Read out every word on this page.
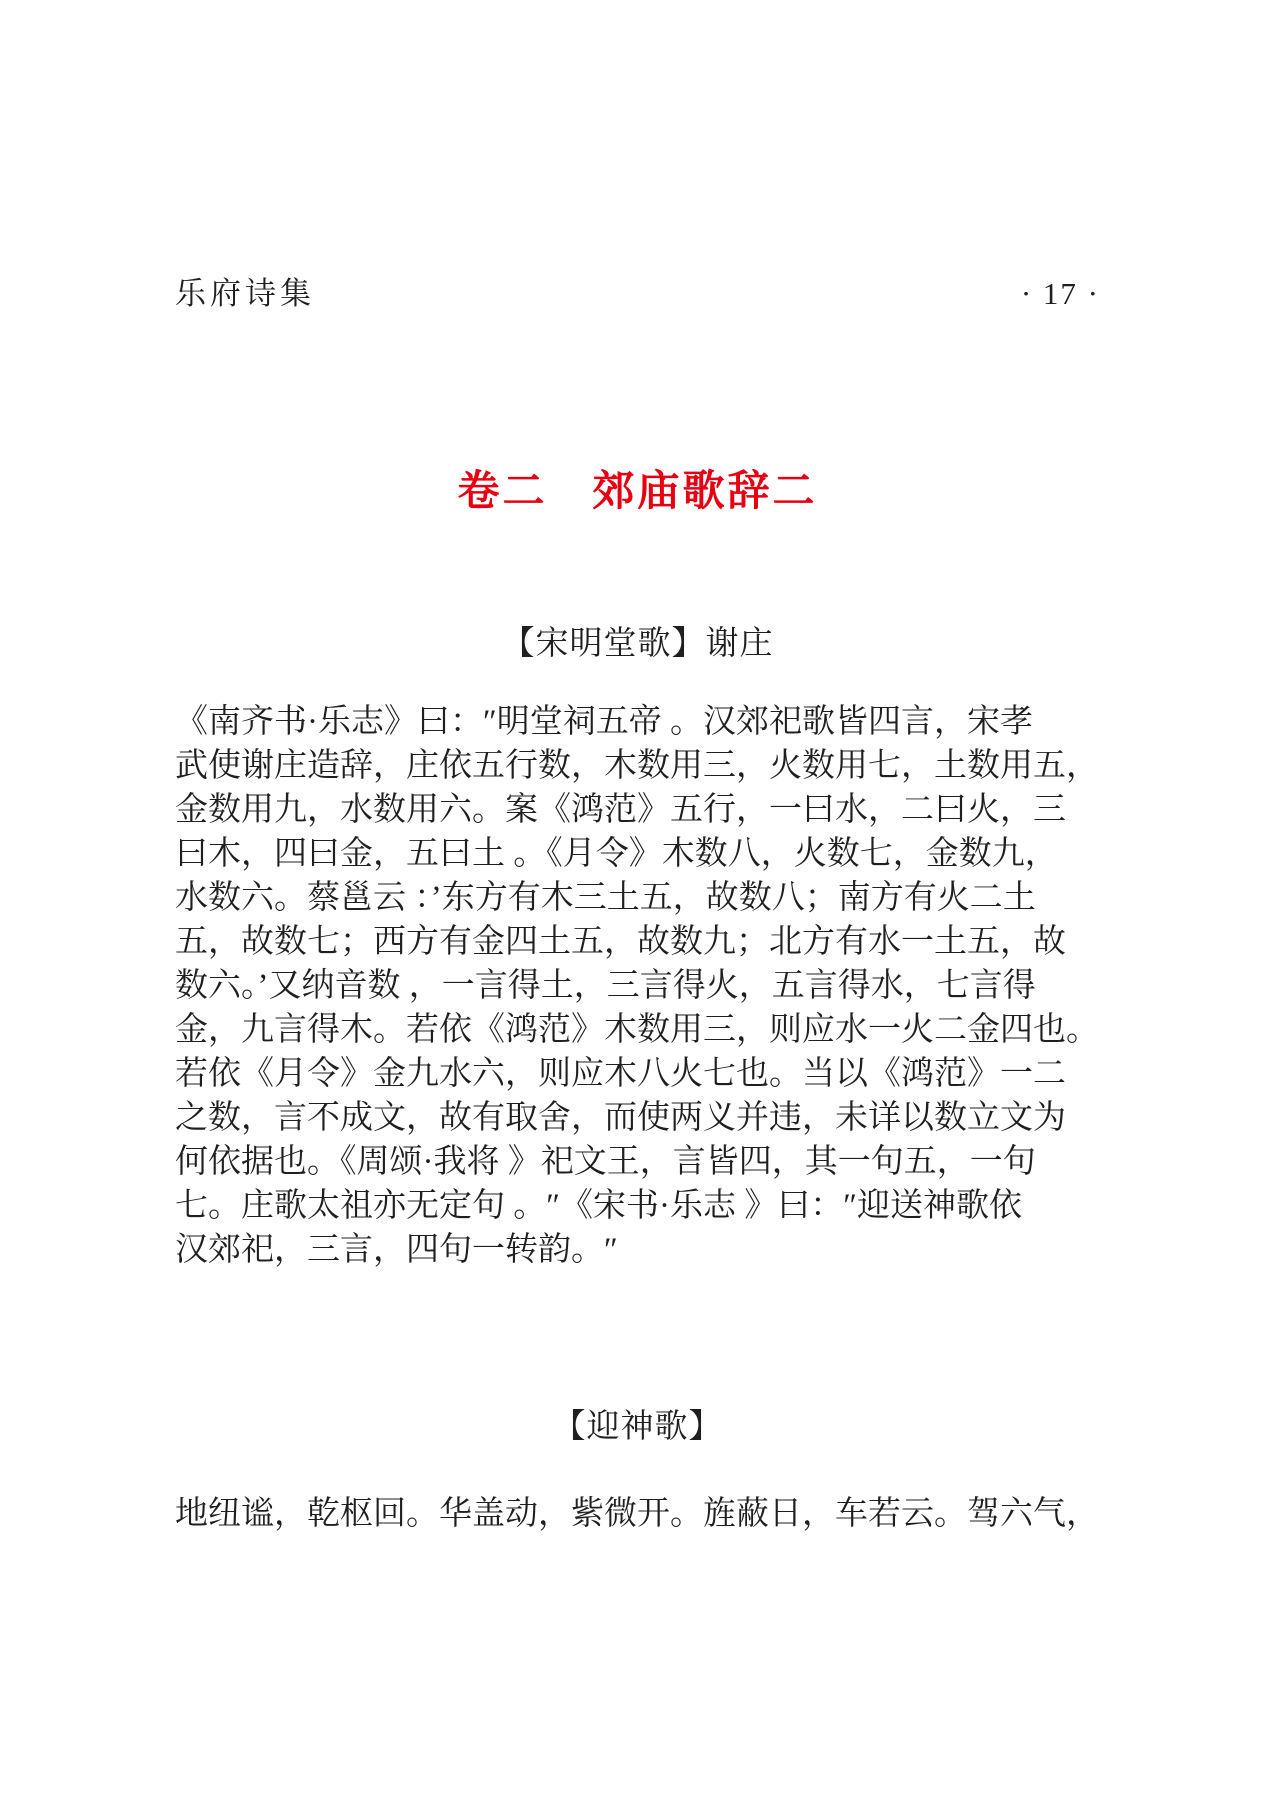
乐府诗集	· 17 ·
卷二　郊庙歌辞二
【宋明堂歌】谢庄
《南齐书·乐志》曰：″明堂祠五帝 。汉郊祀歌皆四言，宋孝
武使谢庄造辞，庄依五行数，木数用三，火数用七，土数用五，
金数用九，水数用六。案《鸿范》五行，一曰水，二曰火，三
曰木，四曰金，五曰土 。《月令》木数八，火数七，金数九，
水数六。蔡邕云 ：’东方有木三土五，故数八；南方有火二土
五，故数七；西方有金四土五，故数九；北方有水一土五，故
数六。’又纳音数 ，一言得土，三言得火，五言得水，七言得
金，九言得木。若依《鸿范》木数用三，则应水一火二金四也。
若依《月令》金九水六，则应木八火七也。当以《鸿范》一二
之数，言不成文，故有取舍，而使两义并违，未详以数立文为
何依据也。《周颂·我将 》祀文王，言皆四，其一句五，一句
七。庄歌太祖亦无定句 。″《宋书·乐志 》曰：″迎送神歌依
汉郊祀，三言，四句一转韵。″
【迎神歌】
地纽谧，乾枢回。华盖动，紫微开。旌蔽日，车若云。驾六气，
